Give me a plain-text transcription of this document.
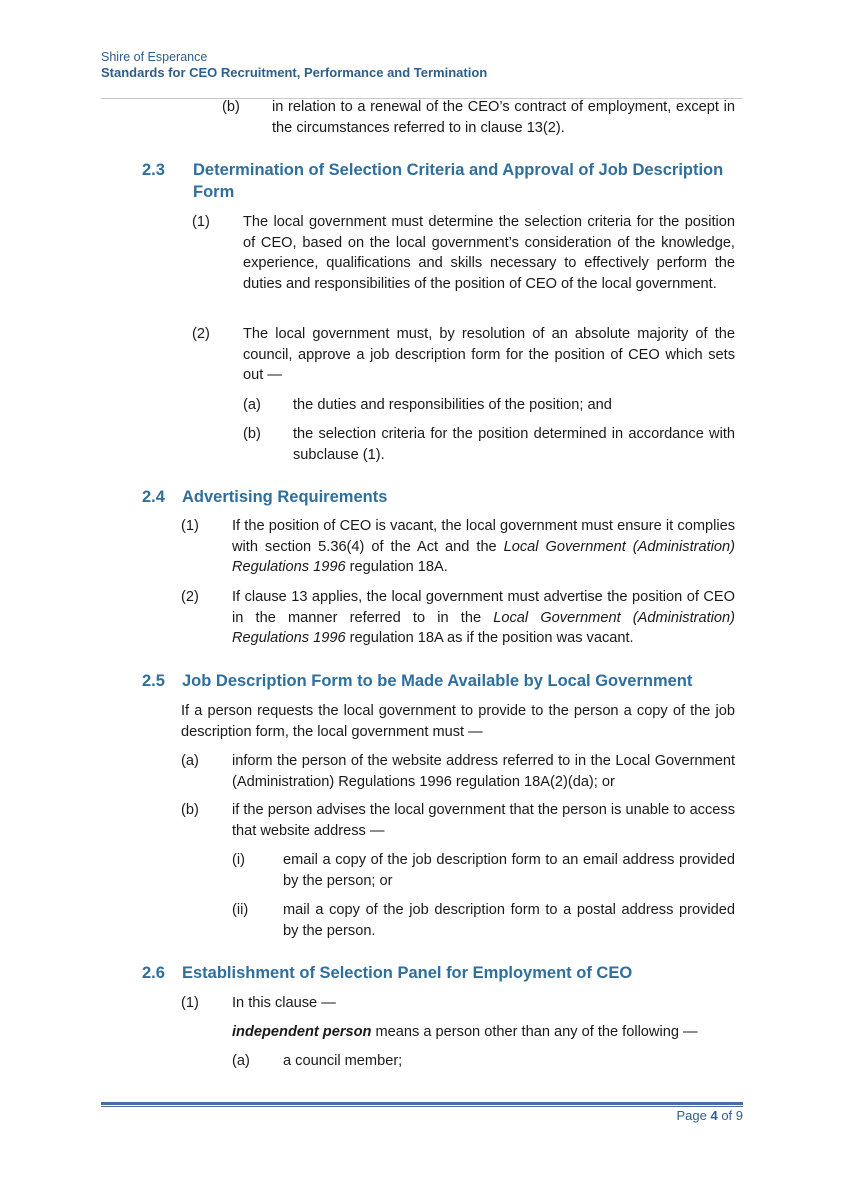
Shire of Esperance
Standards for CEO Recruitment, Performance and Termination
(b) in relation to a renewal of the CEO’s contract of employment, except in the circumstances referred to in clause 13(2).
2.3 Determination of Selection Criteria and Approval of Job Description
Form
(1) The local government must determine the selection criteria for the position of CEO, based on the local government’s consideration of the knowledge, experience, qualifications and skills necessary to effectively perform the duties and responsibilities of the position of CEO of the local government.
(2) The local government must, by resolution of an absolute majority of the council, approve a job description form for the position of CEO which sets out —
(a) the duties and responsibilities of the position; and
(b) the selection criteria for the position determined in accordance with subclause (1).
2.4 Advertising Requirements
(1) If the position of CEO is vacant, the local government must ensure it complies with section 5.36(4) of the Act and the Local Government (Administration) Regulations 1996 regulation 18A.
(2) If clause 13 applies, the local government must advertise the position of CEO in the manner referred to in the Local Government (Administration) Regulations 1996 regulation 18A as if the position was vacant.
2.5 Job Description Form to be Made Available by Local Government
If a person requests the local government to provide to the person a copy of the job description form, the local government must —
(a) inform the person of the website address referred to in the Local Government (Administration) Regulations 1996 regulation 18A(2)(da); or
(b) if the person advises the local government that the person is unable to access that website address —
(i)	email a copy of the job description form to an email address provided by the person; or
(ii) mail a copy of the job description form to a postal address provided by the person.
2.6 Establishment of Selection Panel for Employment of CEO
(1) In this clause —
independent person means a person other than any of the following —
(a) a council member;
Page 4 of 9
